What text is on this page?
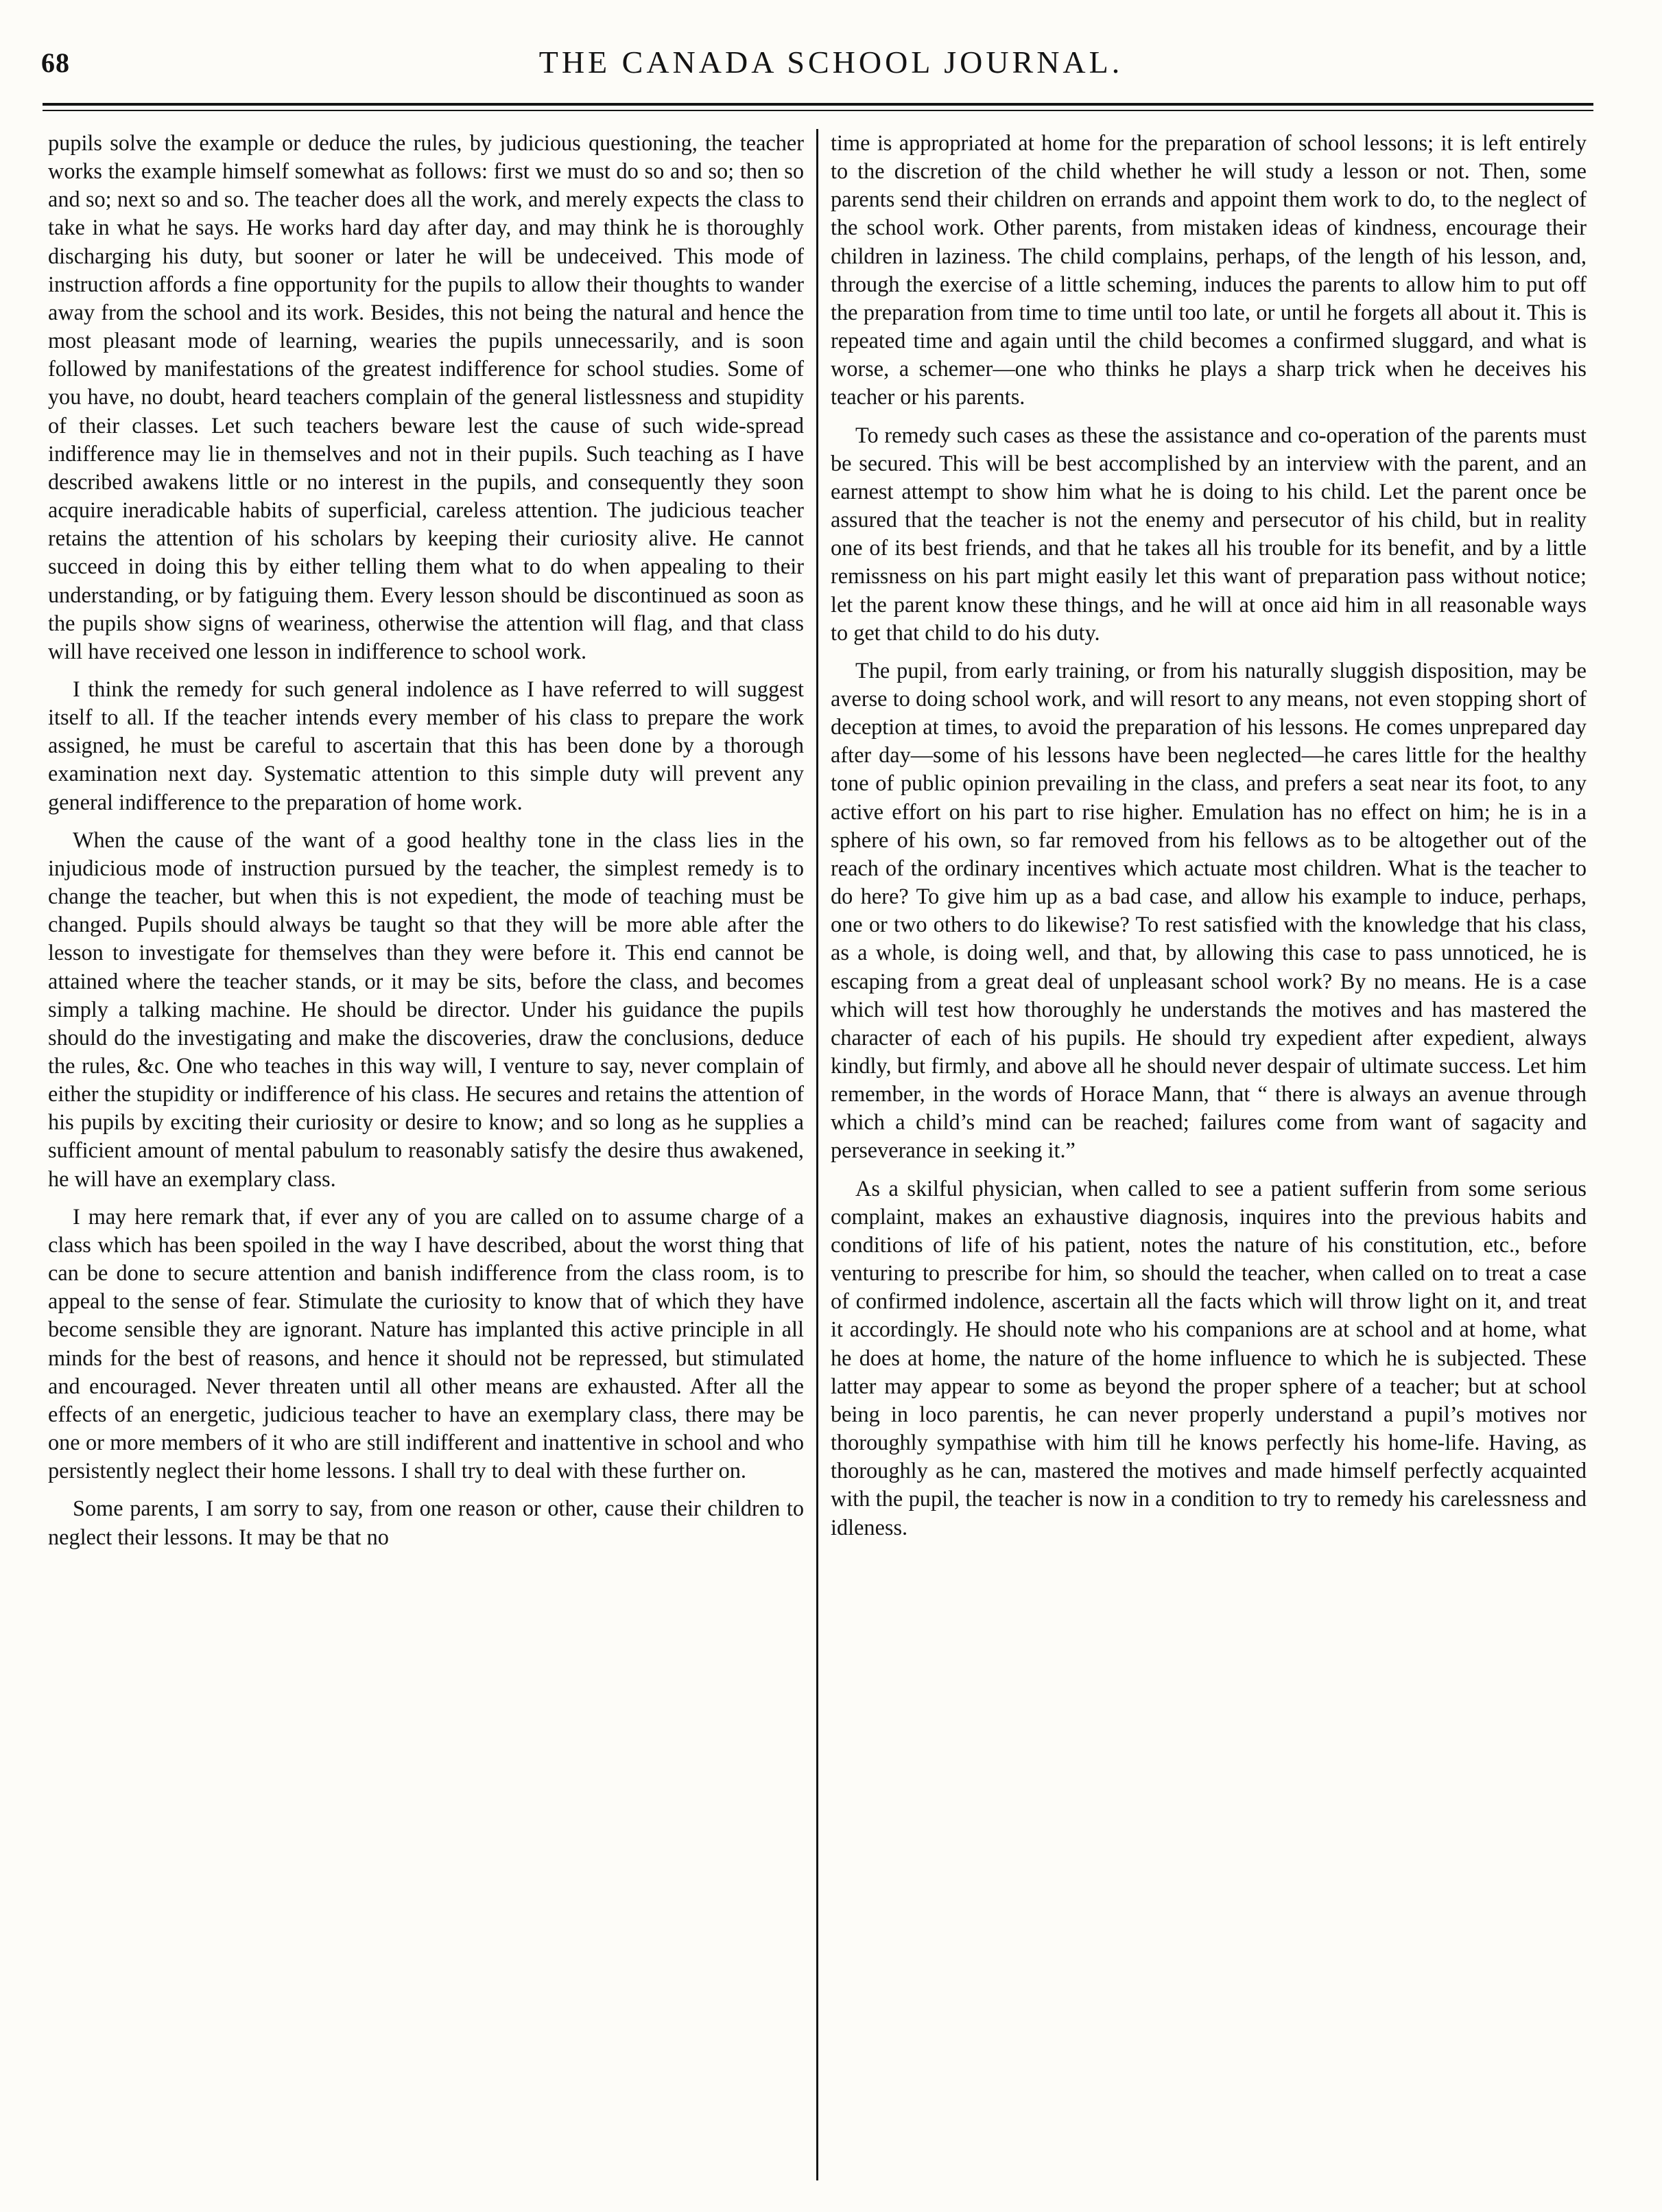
68	THE CANADA SCHOOL JOURNAL.

pupils solve the example or deduce the rules, by judicious questioning, the teacher works the example himself somewhat as follows: first we must do so and so; then so and so; next so and so. The teacher does all the work, and merely expects the class to take in what he says. He works hard day after day, and may think he is thoroughly discharging his duty, but sooner or later he will be undeceived. This mode of instruction affords a fine opportunity for the pupils to allow their thoughts to wander away from the school and its work. Besides, this not being the natural and hence the most pleasant mode of learning, wearies the pupils unnecessarily, and is soon followed by manifestations of the greatest indifference for school studies. Some of you have, no doubt, heard teachers complain of the general listlessness and stupidity of their classes. Let such teachers beware lest the cause of such wide-spread indifference may lie in themselves and not in their pupils. Such teaching as I have described awakens little or no interest in the pupils, and consequently they soon acquire ineradicable habits of superficial, careless attention. The judicious teacher retains the attention of his scholars by keeping their curiosity alive. He cannot succeed in doing this by either telling them what to do when appealing to their understanding, or by fatiguing them. Every lesson should be discontinued as soon as the pupils show signs of weariness, otherwise the attention will flag, and that class will have received one lesson in indifference to school work.

I think the remedy for such general indolence as I have referred to will suggest itself to all. If the teacher intends every member of his class to prepare the work assigned, he must be careful to ascertain that this has been done by a thorough examination next day. Systematic attention to this simple duty will prevent any general indifference to the preparation of home work.

When the cause of the want of a good healthy tone in the class lies in the injudicious mode of instruction pursued by the teacher, the simplest remedy is to change the teacher, but when this is not expedient, the mode of teaching must be changed. Pupils should always be taught so that they will be more able after the lesson to investigate for themselves than they were before it. This end cannot be attained where the teacher stands, or it may be sits, before the class, and becomes simply a talking machine. He should be director. Under his guidance the pupils should do the investigating and make the discoveries, draw the conclusions, deduce the rules, &c. One who teaches in this way will, I venture to say, never complain of either the stupidity or indifference of his class. He secures and retains the attention of his pupils by exciting their curiosity or desire to know; and so long as he supplies a sufficient amount of mental pabulum to reasonably satisfy the desire thus awakened, he will have an exemplary class.

I may here remark that, if ever any of you are called on to assume charge of a class which has been spoiled in the way I have described, about the worst thing that can be done to secure attention and banish indifference from the class room, is to appeal to the sense of fear. Stimulate the curiosity to know that of which they have become sensible they are ignorant. Nature has implanted this active principle in all minds for the best of reasons, and hence it should not be repressed, but stimulated and encouraged. Never threaten until all other means are exhausted. After all the effects of an energetic, judicious teacher to have an exemplary class, there may be one or more members of it who are still indifferent and inattentive in school and who persistently neglect their home lessons. I shall try to deal with these further on.

Some parents, I am sorry to say, from one reason or other, cause their children to neglect their lessons. It may be that no

time is appropriated at home for the preparation of school lessons; it is left entirely to the discretion of the child whether he will study a lesson or not. Then, some parents send their children on errands and appoint them work to do, to the neglect of the school work. Other parents, from mistaken ideas of kindness, encourage their children in laziness. The child complains, perhaps, of the length of his lesson, and, through the exercise of a little scheming, induces the parents to allow him to put off the preparation from time to time until too late, or until he forgets all about it. This is repeated time and again until the child becomes a confirmed sluggard, and what is worse, a schemer—one who thinks he plays a sharp trick when he deceives his teacher or his parents.

To remedy such cases as these the assistance and co-operation of the parents must be secured. This will be best accomplished by an interview with the parent, and an earnest attempt to show him what he is doing to his child. Let the parent once be assured that the teacher is not the enemy and persecutor of his child, but in reality one of its best friends, and that he takes all his trouble for its benefit, and by a little remissness on his part might easily let this want of preparation pass without notice; let the parent know these things, and he will at once aid him in all reasonable ways to get that child to do his duty.

The pupil, from early training, or from his naturally sluggish disposition, may be averse to doing school work, and will resort to any means, not even stopping short of deception at times, to avoid the preparation of his lessons. He comes unprepared day after day—some of his lessons have been neglected—he cares little for the healthy tone of public opinion prevailing in the class, and prefers a seat near its foot, to any active effort on his part to rise higher. Emulation has no effect on him; he is in a sphere of his own, so far removed from his fellows as to be altogether out of the reach of the ordinary incentives which actuate most children. What is the teacher to do here? To give him up as a bad case, and allow his example to induce, perhaps, one or two others to do likewise? To rest satisfied with the knowledge that his class, as a whole, is doing well, and that, by allowing this case to pass unnoticed, he is escaping from a great deal of unpleasant school work? By no means. He is a case which will test how thoroughly he understands the motives and has mastered the character of each of his pupils. He should try expedient after expedient, always kindly, but firmly, and above all he should never despair of ultimate success. Let him remember, in the words of Horace Mann, that “ there is always an avenue through which a child’s mind can be reached; failures come from want of sagacity and perseverance in seeking it.”

As a skilful physician, when called to see a patient sufferin from some serious complaint, makes an exhaustive diagnosis, inquires into the previous habits and conditions of life of his patient, notes the nature of his constitution, etc., before venturing to prescribe for him, so should the teacher, when called on to treat a case of confirmed indolence, ascertain all the facts which will throw light on it, and treat it accordingly. He should note who his companions are at school and at home, what he does at home, the nature of the home influence to which he is subjected. These latter may appear to some as beyond the proper sphere of a teacher; but at school being in loco parentis, he can never properly understand a pupil’s motives nor thoroughly sympathise with him till he knows perfectly his home-life. Having, as thoroughly as he can, mastered the motives and made himself perfectly acquainted with the pupil, the teacher is now in a condition to try to remedy his carelessness and idleness.
